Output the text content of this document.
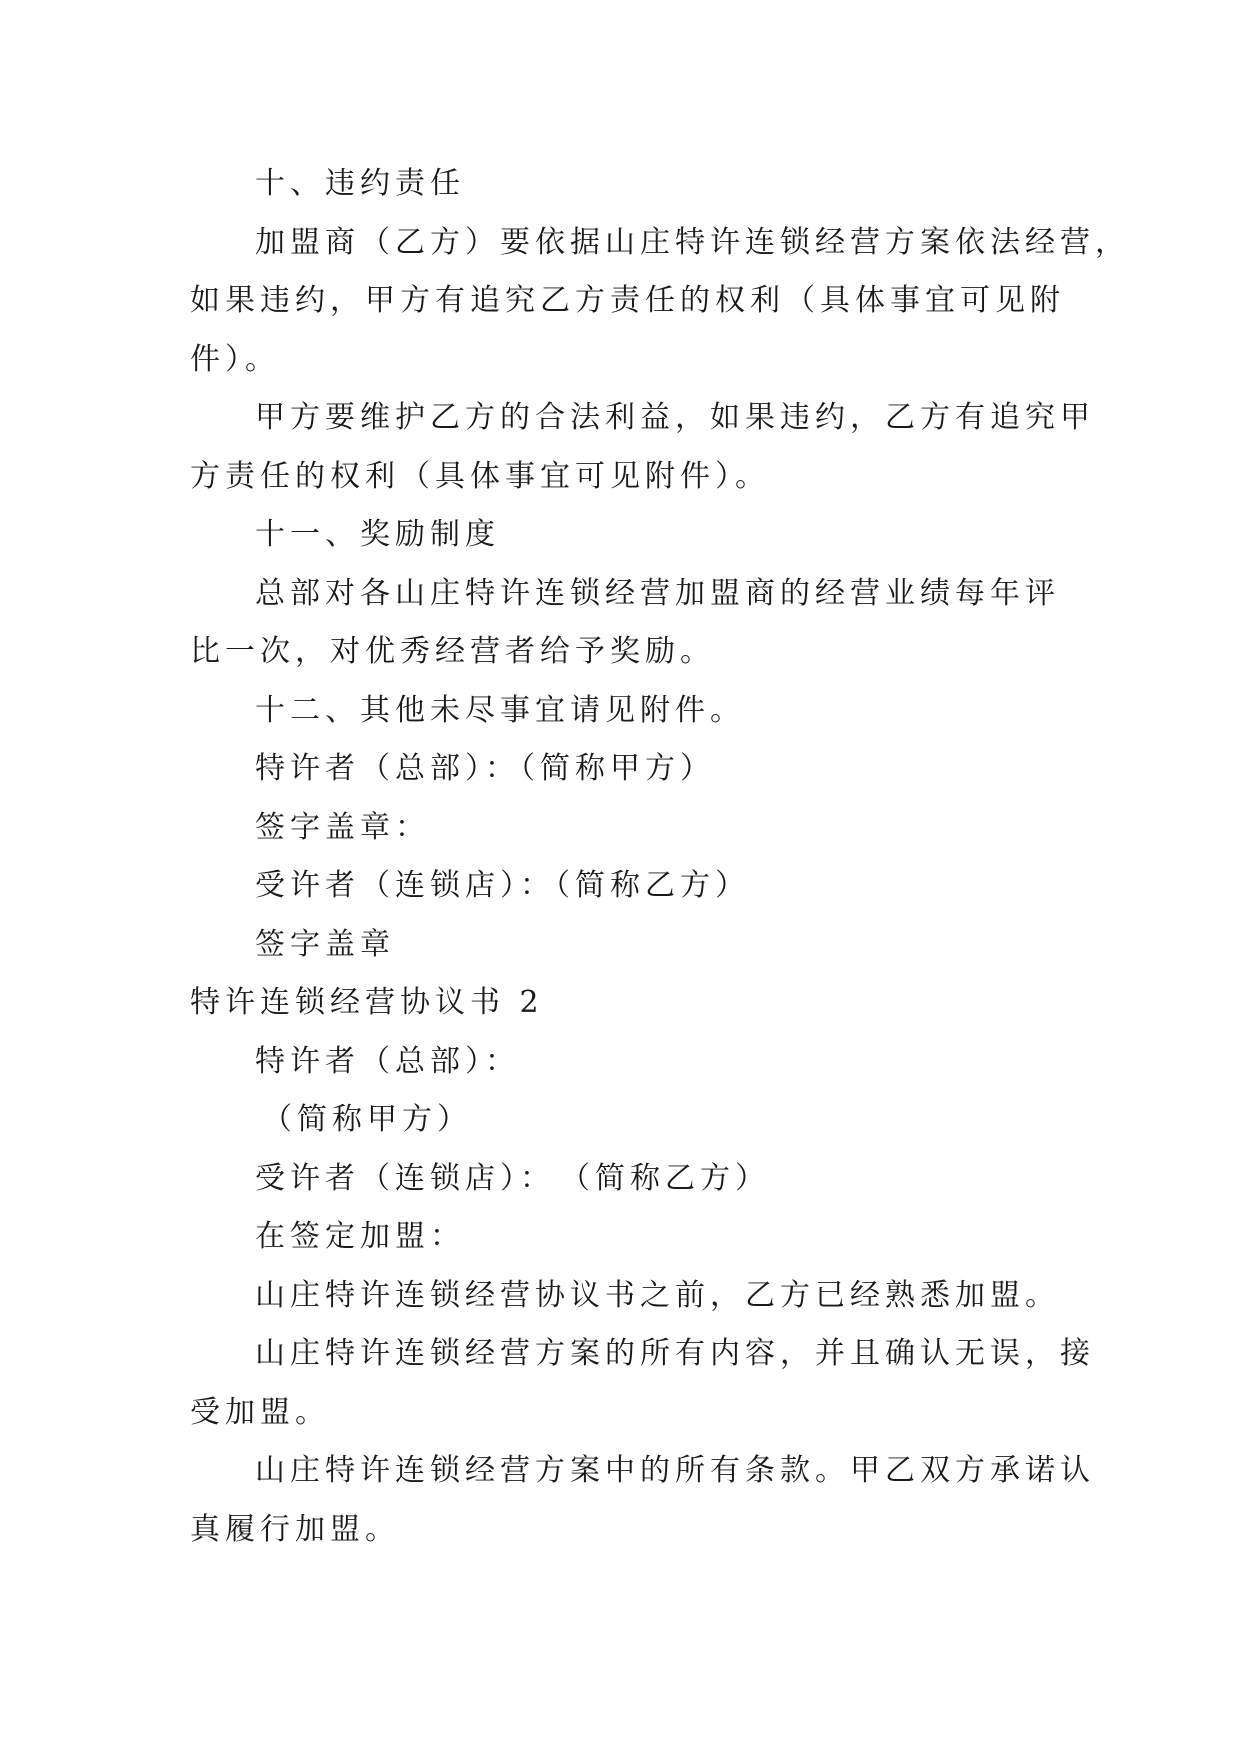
十、违约责任

加盟商（乙方）要依据山庄特许连锁经营方案依法经营，

如果违约，甲方有追究乙方责任的权利（具体事宜可见附

件）。

甲方要维护乙方的合法利益，如果违约，乙方有追究甲

方责任的权利（具体事宜可见附件）。

十一、奖励制度

总部对各山庄特许连锁经营加盟商的经营业绩每年评

比一次，对优秀经营者给予奖励。

十二、其他未尽事宜请见附件。

特许者（总部）：（简称甲方）

签字盖章：

受许者（连锁店）：（简称乙方）

签字盖章

特许连锁经营协议书 2

特许者（总部）：

（简称甲方）

受许者（连锁店）：　（简称乙方）

在签定加盟：

山庄特许连锁经营协议书之前，乙方已经熟悉加盟。

山庄特许连锁经营方案的所有内容，并且确认无误，接

受加盟。

山庄特许连锁经营方案中的所有条款。甲乙双方承诺认

真履行加盟。
